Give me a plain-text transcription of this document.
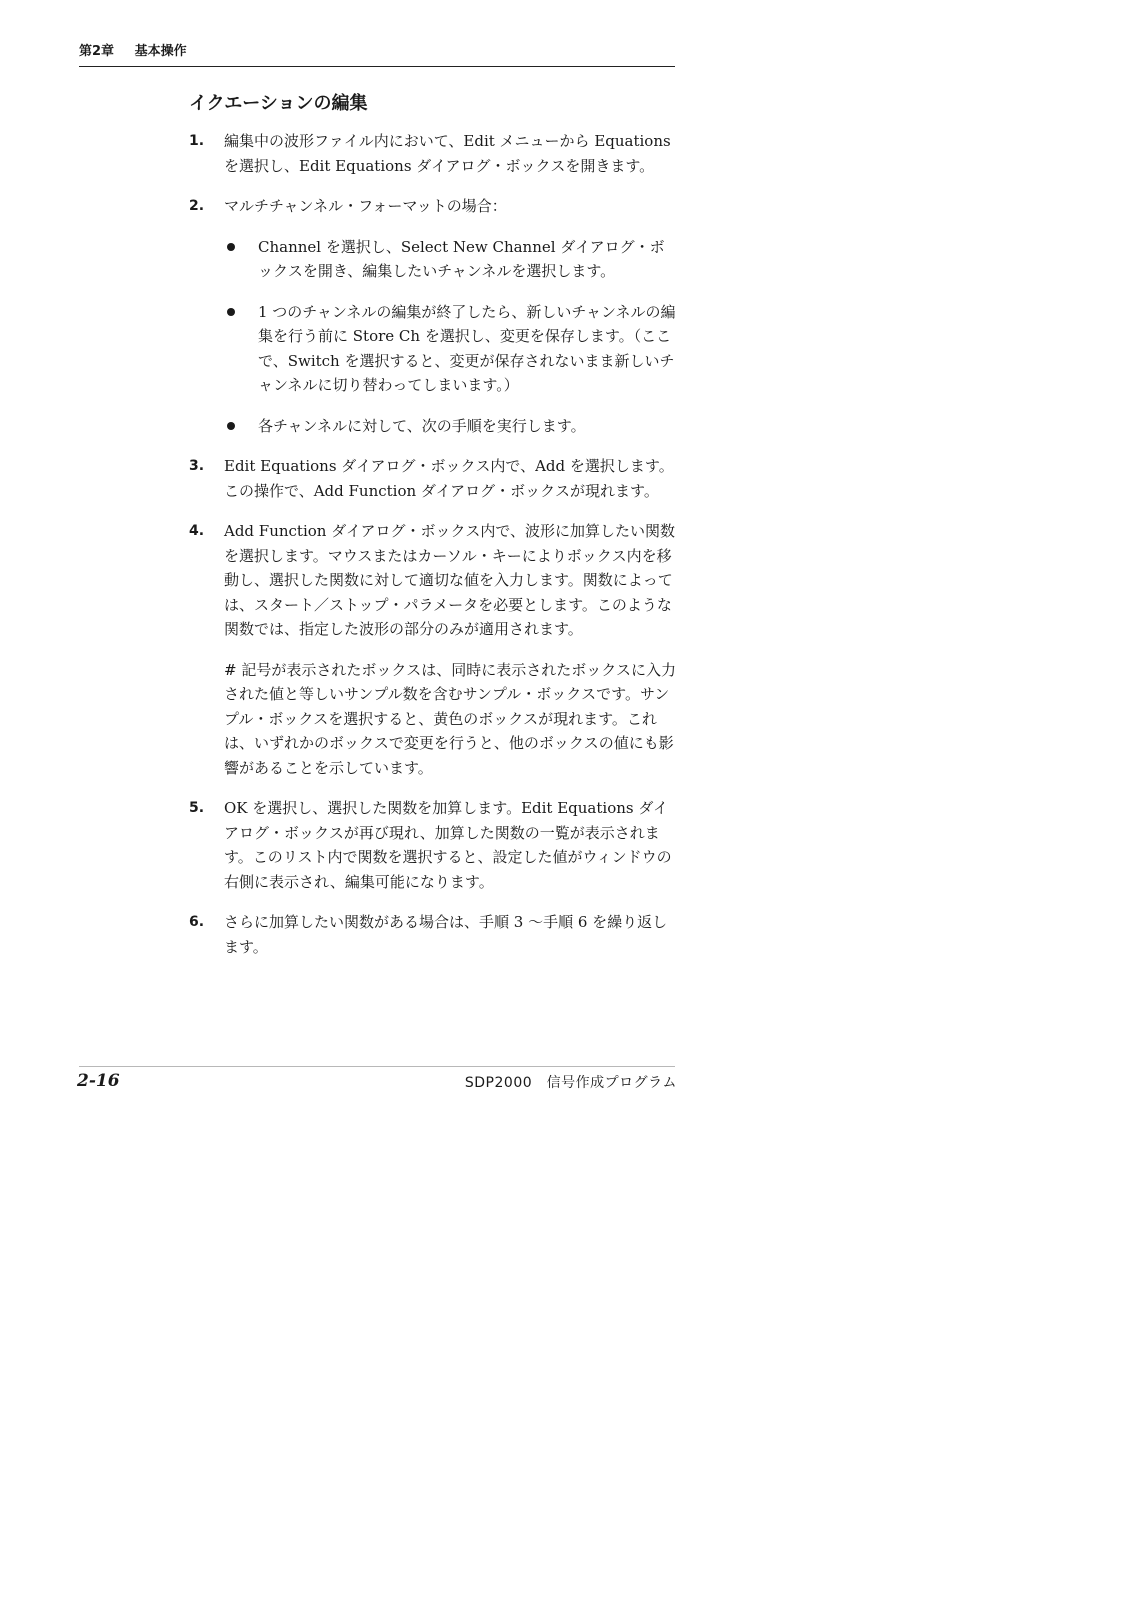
第2章 基本操作
イクエーションの編集
1. 編集中の波形ファイル内において、Edit メニューから Equations を選択し、Edit Equations ダイアログ・ボックスを開きます。
2. マルチチャンネル・フォーマットの場合：
Channel を選択し、Select New Channel ダイアログ・ボックスを開き、編集したいチャンネルを選択します。
1 つのチャンネルの編集が終了したら、新しいチャンネルの編集を行う前に Store Ch を選択し、変更を保存します。（ここで、Switch を選択すると、変更が保存されないまま新しいチャンネルに切り替わってしまいます。）
各チャンネルに対して、次の手順を実行します。
3. Edit Equations ダイアログ・ボックス内で、Add を選択します。この操作で、Add Function ダイアログ・ボックスが現れます。
4. Add Function ダイアログ・ボックス内で、波形に加算したい関数を選択します。マウスまたはカーソル・キーによりボックス内を移動し、選択した関数に対して適切な値を入力します。関数によっては、スタート／ストップ・パラメータを必要とします。このような関数では、指定した波形の部分のみが適用されます。
# 記号が表示されたボックスは、同時に表示されたボックスに入力された値と等しいサンプル数を含むサンプル・ボックスです。サンプル・ボックスを選択すると、黄色のボックスが現れます。これは、いずれかのボックスで変更を行うと、他のボックスの値にも影響があることを示しています。
5. OK を選択し、選択した関数を加算します。Edit Equations ダイアログ・ボックスが再び現れ、加算した関数の一覧が表示されます。このリスト内で関数を選択すると、設定した値がウィンドウの右側に表示され、編集可能になります。
6. さらに加算したい関数がある場合は、手順 3 〜手順 6 を繰り返します。
2-16	SDP2000　信号作成プログラム
